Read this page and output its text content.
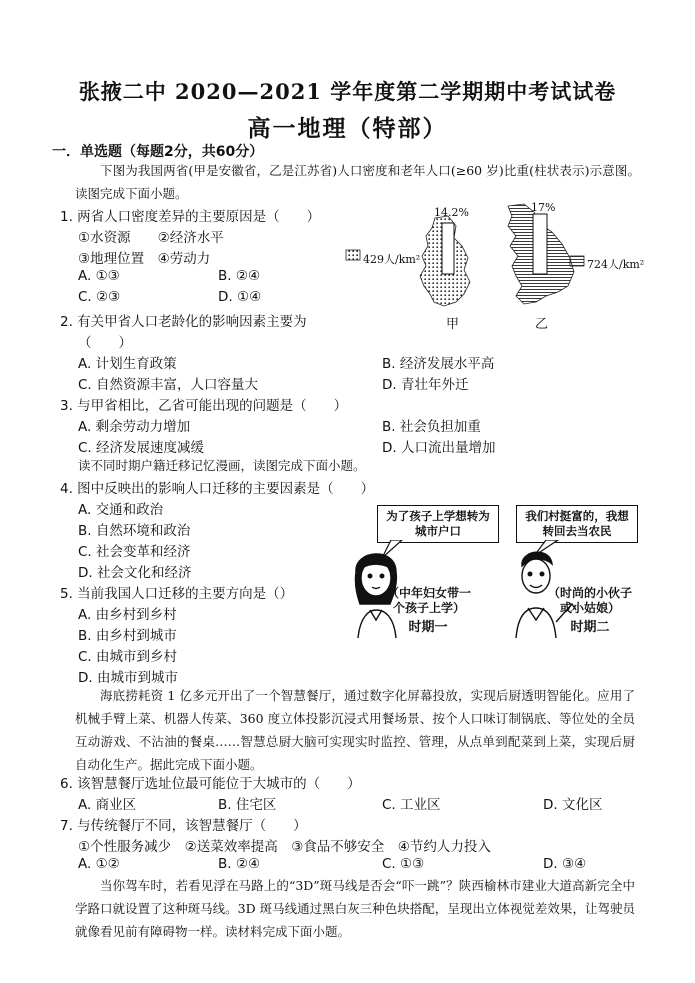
张掖二中 2020—2021 学年度第二学期期中考试试卷
高一地理（特部）
一．单选题（每题2分，共60分）
下图为我国两省(甲是安徽省，乙是江苏省)人口密度和老年人口(≥60 岁)比重(柱状表示)示意图。读图完成下面小题。
1. 两省人口密度差异的主要原因是（　　）
①水资源　　②经济水平
③地理位置　④劳动力
A. ①③	B. ②④
C. ②③	D. ①④
2. 有关甲省人口老龄化的影响因素主要为
（　　）
A. 计划生育政策	B. 经济发展水平高
C. 自然资源丰富，人口容量大	D. 青壮年外迁
3. 与甲省相比，乙省可能出现的问题是（　　）
A. 剩余劳动力增加	B. 社会负担加重
C. 经济发展速度减缓	D. 人口流出量增加
读不同时期户籍迁移记忆漫画，读图完成下面小题。
4. 图中反映出的影响人口迁移的主要因素是（　　）
A. 交通和政治
B. 自然环境和政治
C. 社会变革和经济
D. 社会文化和经济
5. 当前我国人口迁移的主要方向是（）
A. 由乡村到乡村
B. 由乡村到城市
C. 由城市到乡村
D. 由城市到城市
海底捞耗资 1 亿多元开出了一个智慧餐厅，通过数字化屏幕投放，实现后厨透明智能化。应用了机械手臂上菜、机器人传菜、360 度立体投影沉浸式用餐场景、按个人口味订制锅底、等位处的全员互动游戏、不沾油的餐桌……智慧总厨大脑可实现实时监控、管理，从点单到配菜到上菜，实现后厨自动化生产。据此完成下面小题。
6. 该智慧餐厅选址位最可能位于大城市的（　　）
A. 商业区	B. 住宅区	C. 工业区	D. 文化区
7. 与传统餐厅不同，该智慧餐厅（　　）
①个性服务减少　②送菜效率提高　③食品不够安全　④节约人力投入
A. ①②	B. ②④	C. ①③	D. ③④
当你驾车时，若看见浮在马路上的“3D”斑马线是否会“吓一跳”？陕西榆林市建业大道高新完全中学路口就设置了这种斑马线。3D 斑马线通过黑白灰三种色块搭配，呈现出立体视觉差效果，让驾驶员就像看见前有障碍物一样。读材料完成下面小题。
14.2%	17%
429人/km²	724人/km²
甲	乙
为了孩子上学想转为城市户口
我们村挺富的，我想转回去当农民
（中年妇女带一个孩子上学）
（时尚的小伙子或小姑娘）
时期一	时期二
